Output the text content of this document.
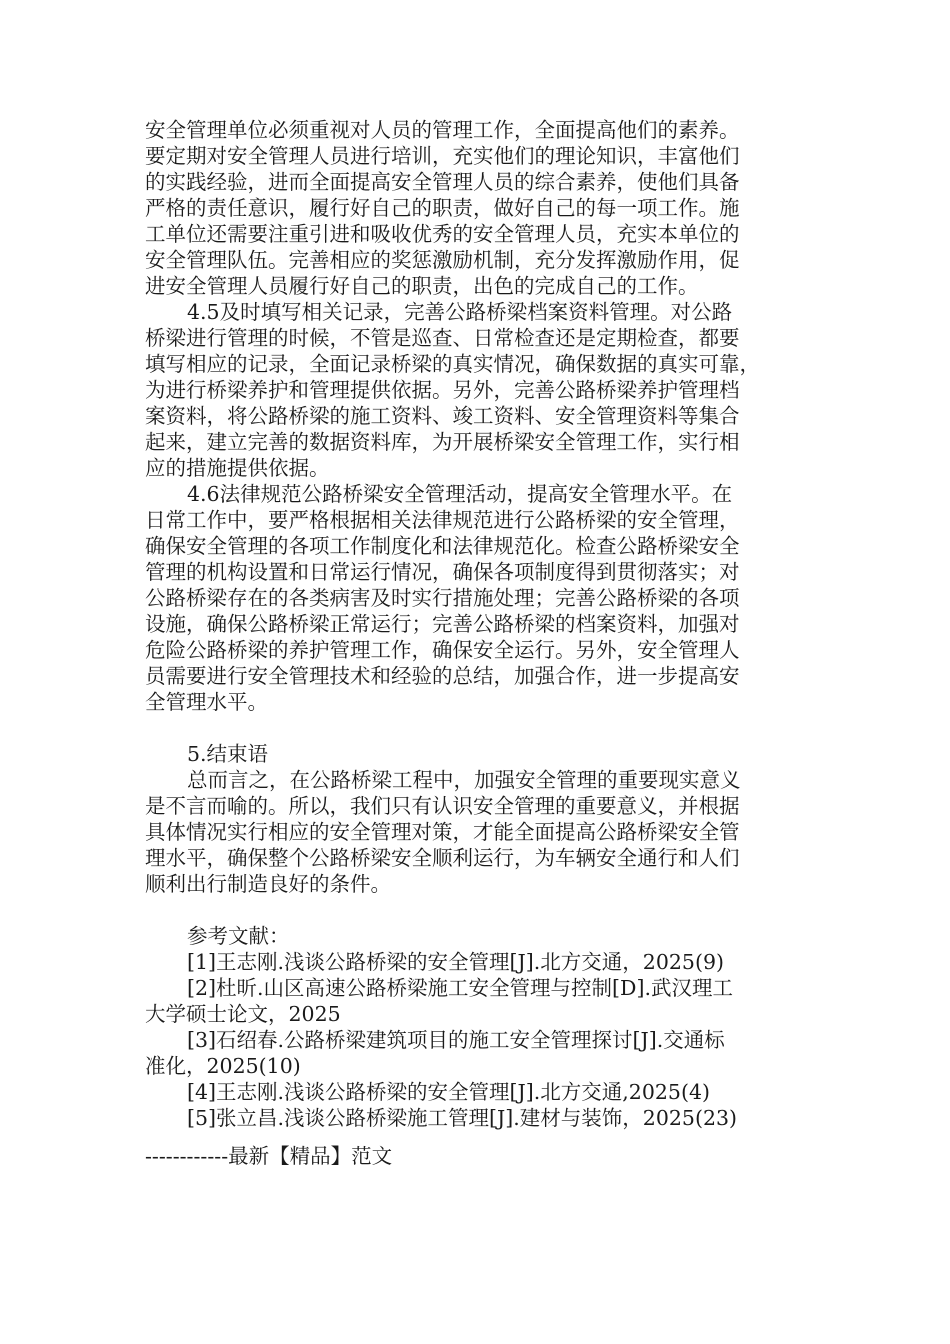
安全管理单位必须重视对人员的管理工作，全面提高他们的素养。
要定期对安全管理人员进行培训，充实他们的理论知识，丰富他们
的实践经验，进而全面提高安全管理人员的综合素养，使他们具备
严格的责任意识，履行好自己的职责，做好自己的每一项工作。施
工单位还需要注重引进和吸收优秀的安全管理人员，充实本单位的
安全管理队伍。完善相应的奖惩激励机制，充分发挥激励作用，促
进安全管理人员履行好自己的职责，出色的完成自己的工作。
4.5及时填写相关记录，完善公路桥梁档案资料管理。对公路
桥梁进行管理的时候，不管是巡查、日常检查还是定期检查，都要
填写相应的记录，全面记录桥梁的真实情况，确保数据的真实可靠，
为进行桥梁养护和管理提供依据。另外，完善公路桥梁养护管理档
案资料，将公路桥梁的施工资料、竣工资料、安全管理资料等集合
起来，建立完善的数据资料库，为开展桥梁安全管理工作，实行相
应的措施提供依据。
4.6法律规范公路桥梁安全管理活动，提高安全管理水平。在
日常工作中，要严格根据相关法律规范进行公路桥梁的安全管理，
确保安全管理的各项工作制度化和法律规范化。检查公路桥梁安全
管理的机构设置和日常运行情况，确保各项制度得到贯彻落实；对
公路桥梁存在的各类病害及时实行措施处理；完善公路桥梁的各项
设施，确保公路桥梁正常运行；完善公路桥梁的档案资料，加强对
危险公路桥梁的养护管理工作，确保安全运行。另外，安全管理人
员需要进行安全管理技术和经验的总结，加强合作，进一步提高安
全管理水平。
5.结束语
总而言之，在公路桥梁工程中，加强安全管理的重要现实意义
是不言而喻的。所以，我们只有认识安全管理的重要意义，并根据
具体情况实行相应的安全管理对策，才能全面提高公路桥梁安全管
理水平，确保整个公路桥梁安全顺利运行，为车辆安全通行和人们
顺利出行制造良好的条件。
参考文献：
[1]王志刚.浅谈公路桥梁的安全管理[J].北方交通，2025(9)
[2]杜昕.山区高速公路桥梁施工安全管理与控制[D].武汉理工
大学硕士论文，2025
[3]石绍春.公路桥梁建筑项目的施工安全管理探讨[J].交通标
准化，2025(10)
[4]王志刚.浅谈公路桥梁的安全管理[J].北方交通,2025(4)
[5]张立昌.浅谈公路桥梁施工管理[J].建材与装饰，2025(23)
------------最新【精品】范文
